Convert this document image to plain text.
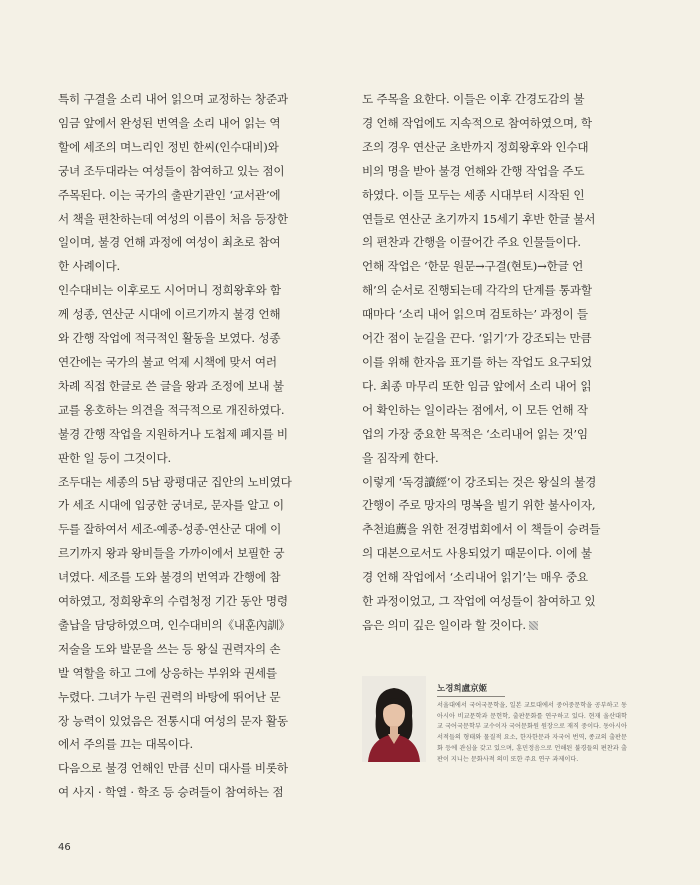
특히 구결을 소리 내어 읽으며 교정하는 창준과
임금 앞에서 완성된 번역을 소리 내어 읽는 역
할에 세조의 며느리인 정빈 한씨(인수대비)와
궁녀 조두대라는 여성들이 참여하고 있는 점이
주목된다. 이는 국가의 출판기관인 ‘교서관’에
서 책을 편찬하는데 여성의 이름이 처음 등장한
일이며, 불경 언해 과정에 여성이 최초로 참여
한 사례이다.

인수대비는 이후로도 시어머니 정희왕후와 함
께 성종, 연산군 시대에 이르기까지 불경 언해
와 간행 작업에 적극적인 활동을 보였다. 성종
연간에는 국가의 불교 억제 시책에 맞서 여러
차례 직접 한글로 쓴 글을 왕과 조정에 보내 불
교를 옹호하는 의견을 적극적으로 개진하였다.
불경 간행 작업을 지원하거나 도첩제 폐지를 비
판한 일 등이 그것이다.

조두대는 세종의 5남 광평대군 집안의 노비였다
가 세조 시대에 입궁한 궁녀로, 문자를 알고 이
두를 잘하여서 세조-예종-성종-연산군 대에 이
르기까지 왕과 왕비들을 가까이에서 보필한 궁
녀였다. 세조를 도와 불경의 번역과 간행에 참
여하였고, 정희왕후의 수렴청정 기간 동안 명령
출납을 담당하였으며, 인수대비의《내훈內訓》
저술을 도와 발문을 쓰는 등 왕실 권력자의 손
발 역할을 하고 그에 상응하는 부위와 권세를
누렸다. 그녀가 누린 권력의 바탕에 뛰어난 문
장 능력이 있었음은 전통시대 여성의 문자 활동
에서 주의를 끄는 대목이다.

다음으로 불경 언해인 만큼 신미 대사를 비롯하
여 사지 · 학열 · 학조 등 승려들이 참여하는 점

도 주목을 요한다. 이들은 이후 간경도감의 불
경 언해 작업에도 지속적으로 참여하였으며, 학
조의 경우 연산군 초반까지 정희왕후와 인수대
비의 명을 받아 불경 언해와 간행 작업을 주도
하였다. 이들 모두는 세종 시대부터 시작된 인
연들로 연산군 초기까지 15세기 후반 한글 불서
의 편찬과 간행을 이끌어간 주요 인물들이다.

언해 작업은 ‘한문 원문→구결(현토)→한글 언
해’의 순서로 진행되는데 각각의 단계를 통과할
때마다 ‘소리 내어 읽으며 검토하는’ 과정이 들
어간 점이 눈길을 끈다. ‘읽기’가 강조되는 만큼
이를 위해 한자음 표기를 하는 작업도 요구되었
다. 최종 마무리 또한 임금 앞에서 소리 내어 읽
어 확인하는 일이라는 점에서, 이 모든 언해 작
업의 가장 중요한 목적은 ‘소리내어 읽는 것’임
을 짐작케 한다.

이렇게 ‘독경讀經’이 강조되는 것은 왕실의 불경
간행이 주로 망자의 명복을 빌기 위한 불사이자,
추천追薦을 위한 전경법회에서 이 책들이 승려들
의 대본으로서도 사용되었기 때문이다. 이에 불
경 언해 작업에서 ‘소리내어 읽기’는 매우 중요
한 과정이었고, 그 작업에 여성들이 참여하고 있
음은 의미 깊은 일이라 할 것이다.

노경희盧京姬

서울대에서 국어국문학을, 일본 교토대에서 중어중문학을 공부하고 동아시아 비교문학과 문헌학, 출판문화를 연구하고 있다. 현재 울산대학교 국어국문학부 교수이자 국어문화원 원장으로 재직 중이다. 동아시아 서적들의 형태와 물질적 요소, 한자한문과 자국어 번역, 종교의 출판문화 등에 관심을 갖고 있으며, 훈민정음으로 언해된 불경들의 편찬과 출판이 지니는 문화사적 의미 또한 주요 연구 과제이다.

46
